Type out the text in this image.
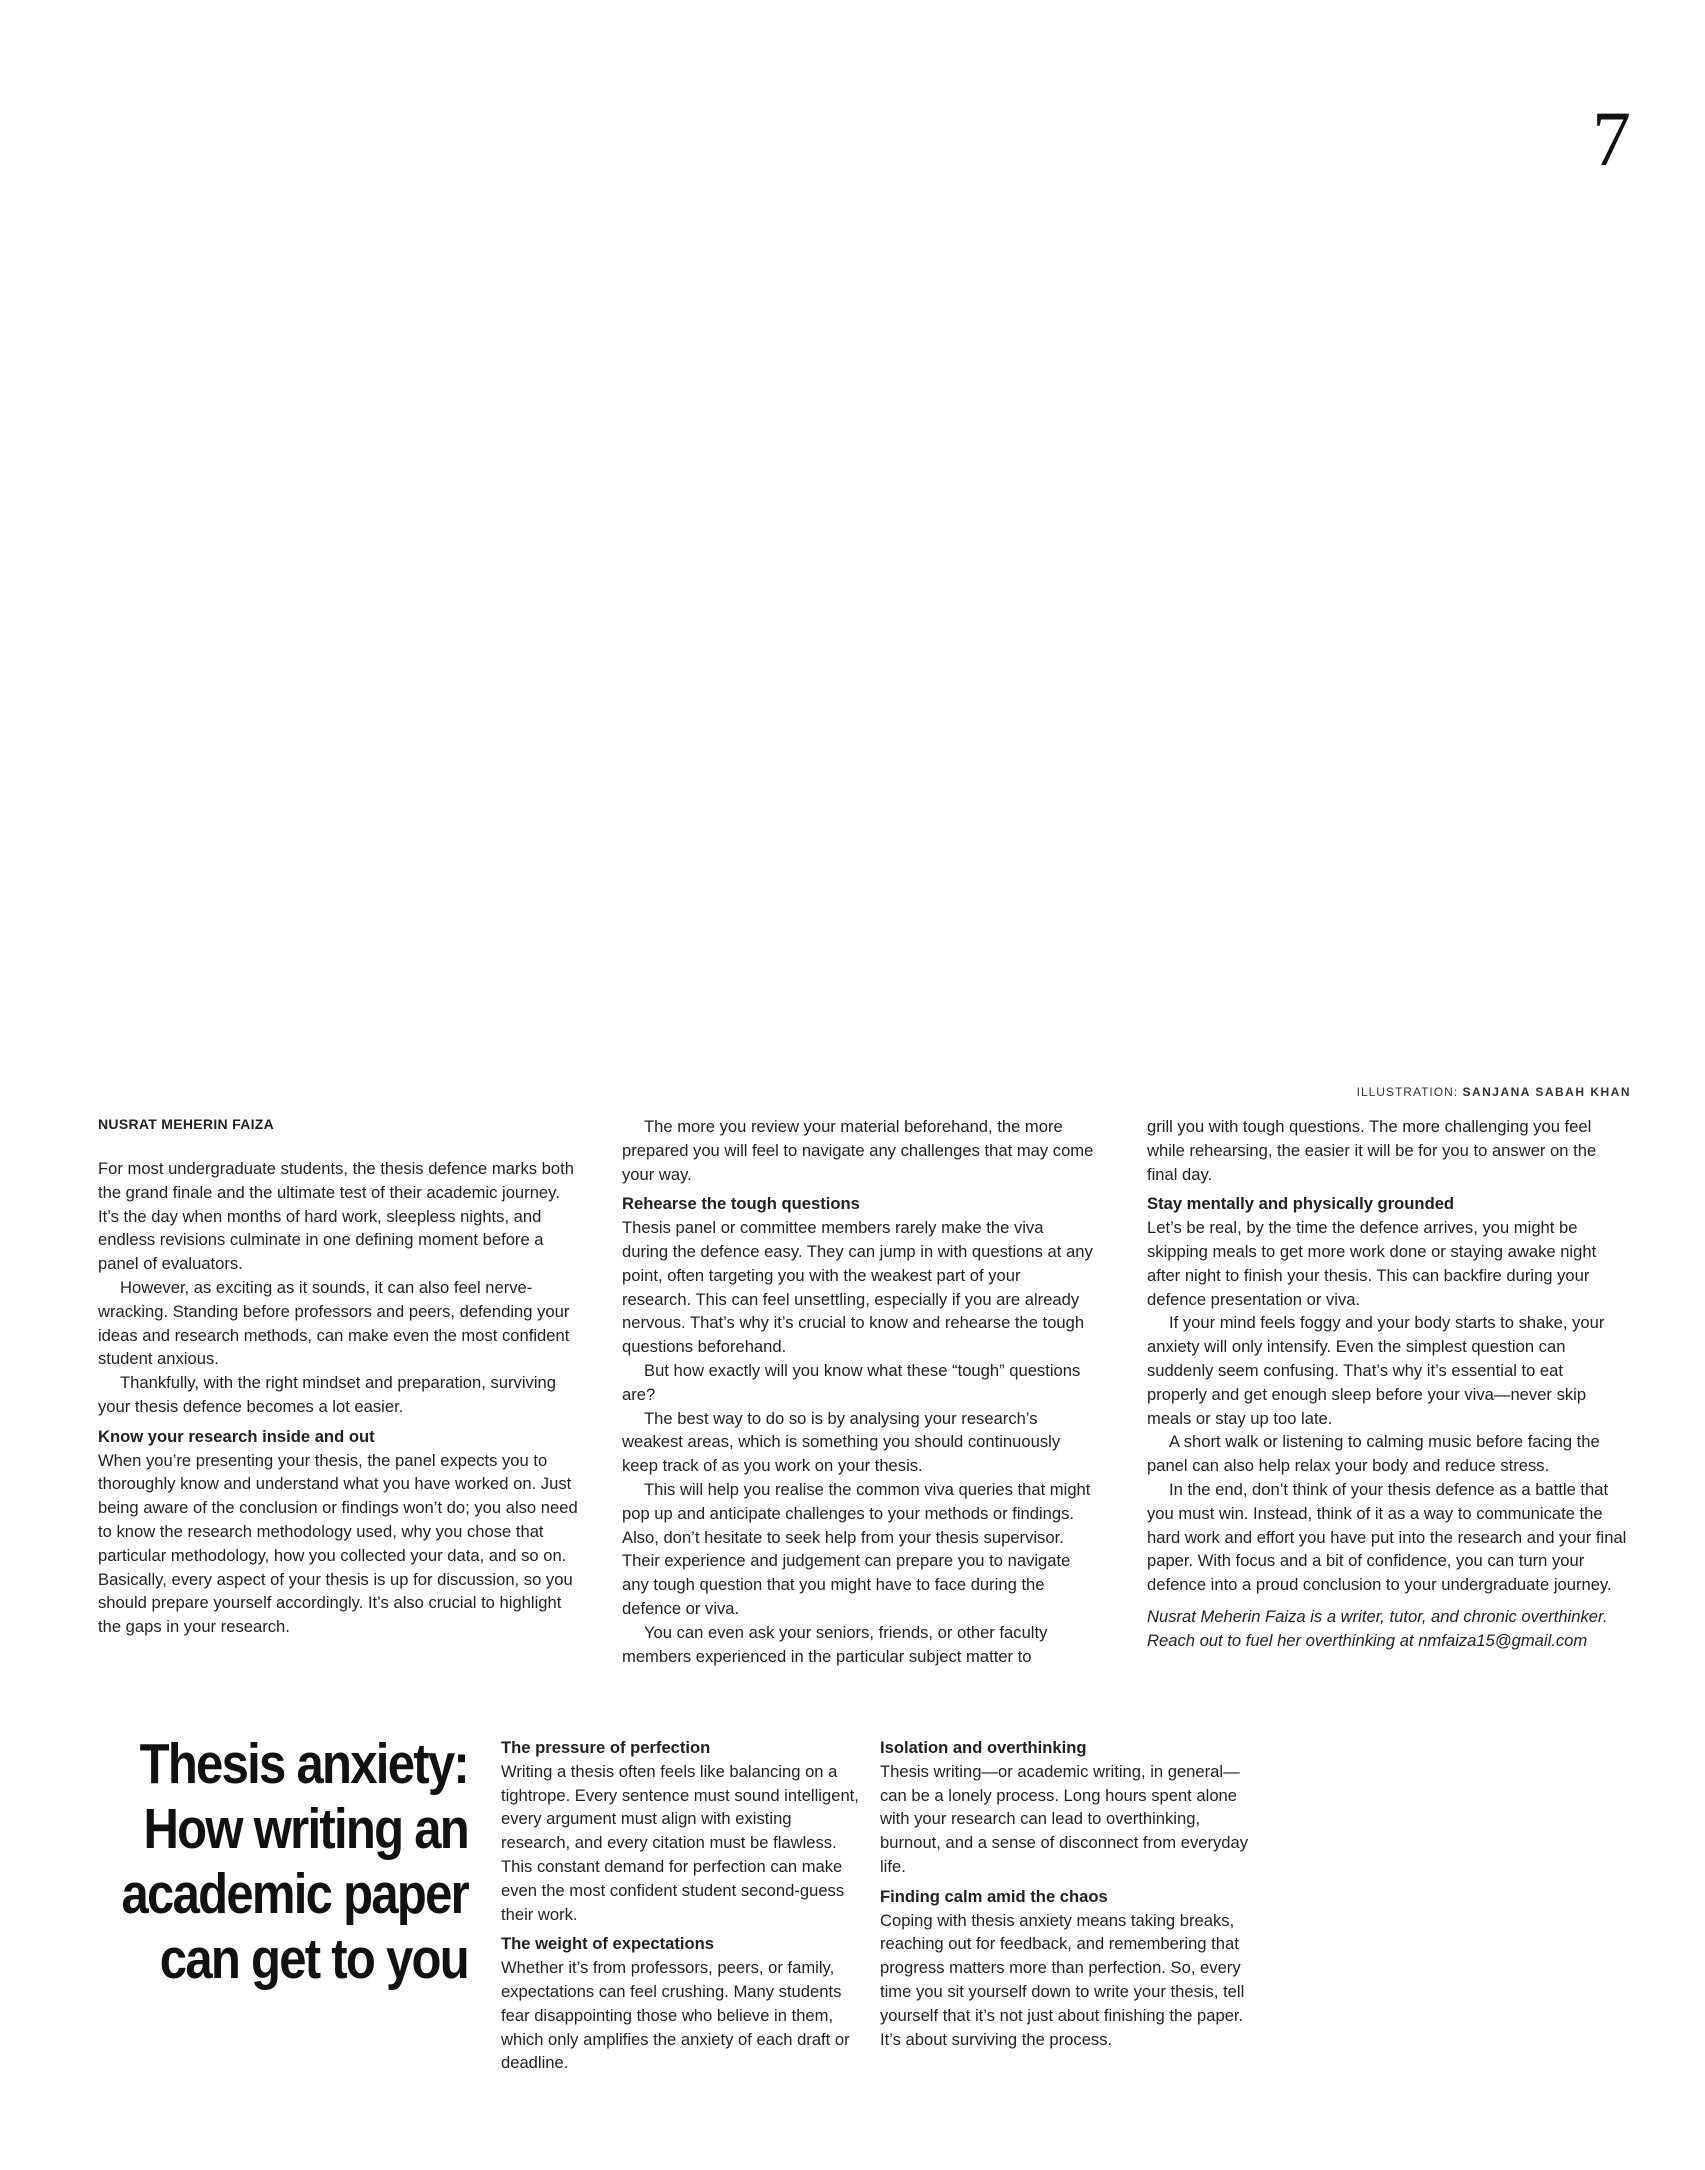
7
ILLUSTRATION: SANJANA SABAH KHAN
NUSRAT MEHERIN FAIZA

For most undergraduate students, the thesis defence marks both the grand finale and the ultimate test of their academic journey. It’s the day when months of hard work, sleepless nights, and endless revisions culminate in one defining moment before a panel of evaluators.

However, as exciting as it sounds, it can also feel nerve-wracking. Standing before professors and peers, defending your ideas and research methods, can make even the most confident student anxious.

Thankfully, with the right mindset and preparation, surviving your thesis defence becomes a lot easier.

Know your research inside and out

When you’re presenting your thesis, the panel expects you to thoroughly know and understand what you have worked on. Just being aware of the conclusion or findings won’t do; you also need to know the research methodology used, why you chose that particular methodology, how you collected your data, and so on. Basically, every aspect of your thesis is up for discussion, so you should prepare yourself accordingly. It’s also crucial to highlight the gaps in your research.

The more you review your material beforehand, the more prepared you will feel to navigate any challenges that may come your way.

Rehearse the tough questions

Thesis panel or committee members rarely make the viva during the defence easy. They can jump in with questions at any point, often targeting you with the weakest part of your research. This can feel unsettling, especially if you are already nervous. That’s why it’s crucial to know and rehearse the tough questions beforehand.

But how exactly will you know what these “tough” questions are?

The best way to do so is by analysing your research’s weakest areas, which is something you should continuously keep track of as you work on your thesis.

This will help you realise the common viva queries that might pop up and anticipate challenges to your methods or findings. Also, don’t hesitate to seek help from your thesis supervisor. Their experience and judgement can prepare you to navigate any tough question that you might have to face during the defence or viva.

You can even ask your seniors, friends, or other faculty members experienced in the particular subject matter to

grill you with tough questions. The more challenging you feel while rehearsing, the easier it will be for you to answer on the final day.

Stay mentally and physically grounded

Let’s be real, by the time the defence arrives, you might be skipping meals to get more work done or staying awake night after night to finish your thesis. This can backfire during your defence presentation or viva.

If your mind feels foggy and your body starts to shake, your anxiety will only intensify. Even the simplest question can suddenly seem confusing. That’s why it’s essential to eat properly and get enough sleep before your viva—never skip meals or stay up too late.

A short walk or listening to calming music before facing the panel can also help relax your body and reduce stress.

In the end, don’t think of your thesis defence as a battle that you must win. Instead, think of it as a way to communicate the hard work and effort you have put into the research and your final paper. With focus and a bit of confidence, you can turn your defence into a proud conclusion to your undergraduate journey.

Nusrat Meherin Faiza is a writer, tutor, and chronic overthinker. Reach out to fuel her overthinking at nmfaiza15@gmail.com

Thesis anxiety: How writing an academic paper can get to you
The pressure of perfection

Writing a thesis often feels like balancing on a tightrope. Every sentence must sound intelligent, every argument must align with existing research, and every citation must be flawless. This constant demand for perfection can make even the most confident student second-guess their work.

The weight of expectations

Whether it’s from professors, peers, or family, expectations can feel crushing. Many students fear disappointing those who believe in them, which only amplifies the anxiety of each draft or deadline.

Isolation and overthinking

Thesis writing—or academic writing, in general—can be a lonely process. Long hours spent alone with your research can lead to overthinking, burnout, and a sense of disconnect from everyday life.

Finding calm amid the chaos

Coping with thesis anxiety means taking breaks, reaching out for feedback, and remembering that progress matters more than perfection. So, every time you sit yourself down to write your thesis, tell yourself that it’s not just about finishing the paper. It’s about surviving the process.
